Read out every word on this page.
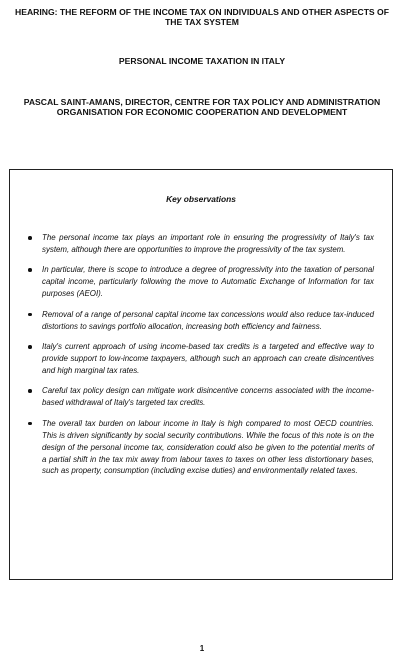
HEARING: THE REFORM OF THE INCOME TAX ON INDIVIDUALS AND OTHER ASPECTS OF THE TAX SYSTEM
PERSONAL INCOME TAXATION IN ITALY
PASCAL SAINT-AMANS, DIRECTOR, CENTRE FOR TAX POLICY AND ADMINISTRATION ORGANISATION FOR ECONOMIC COOPERATION AND DEVELOPMENT
Key observations
The personal income tax plays an important role in ensuring the progressivity of Italy's tax system, although there are opportunities to improve the progressivity of the tax system.
In particular, there is scope to introduce a degree of progressivity into the taxation of personal capital income, particularly following the move to Automatic Exchange of Information for tax purposes (AEOI).
Removal of a range of personal capital income tax concessions would also reduce tax-induced distortions to savings portfolio allocation, increasing both efficiency and fairness.
Italy's current approach of using income-based tax credits is a targeted and effective way to provide support to low-income taxpayers, although such an approach can create disincentives and high marginal tax rates.
Careful tax policy design can mitigate work disincentive concerns associated with the income-based withdrawal of Italy's targeted tax credits.
The overall tax burden on labour income in Italy is high compared to most OECD countries. This is driven significantly by social security contributions. While the focus of this note is on the design of the personal income tax, consideration could also be given to the potential merits of a partial shift in the tax mix away from labour taxes to taxes on other less distortionary bases, such as property, consumption (including excise duties) and environmentally related taxes.
1
